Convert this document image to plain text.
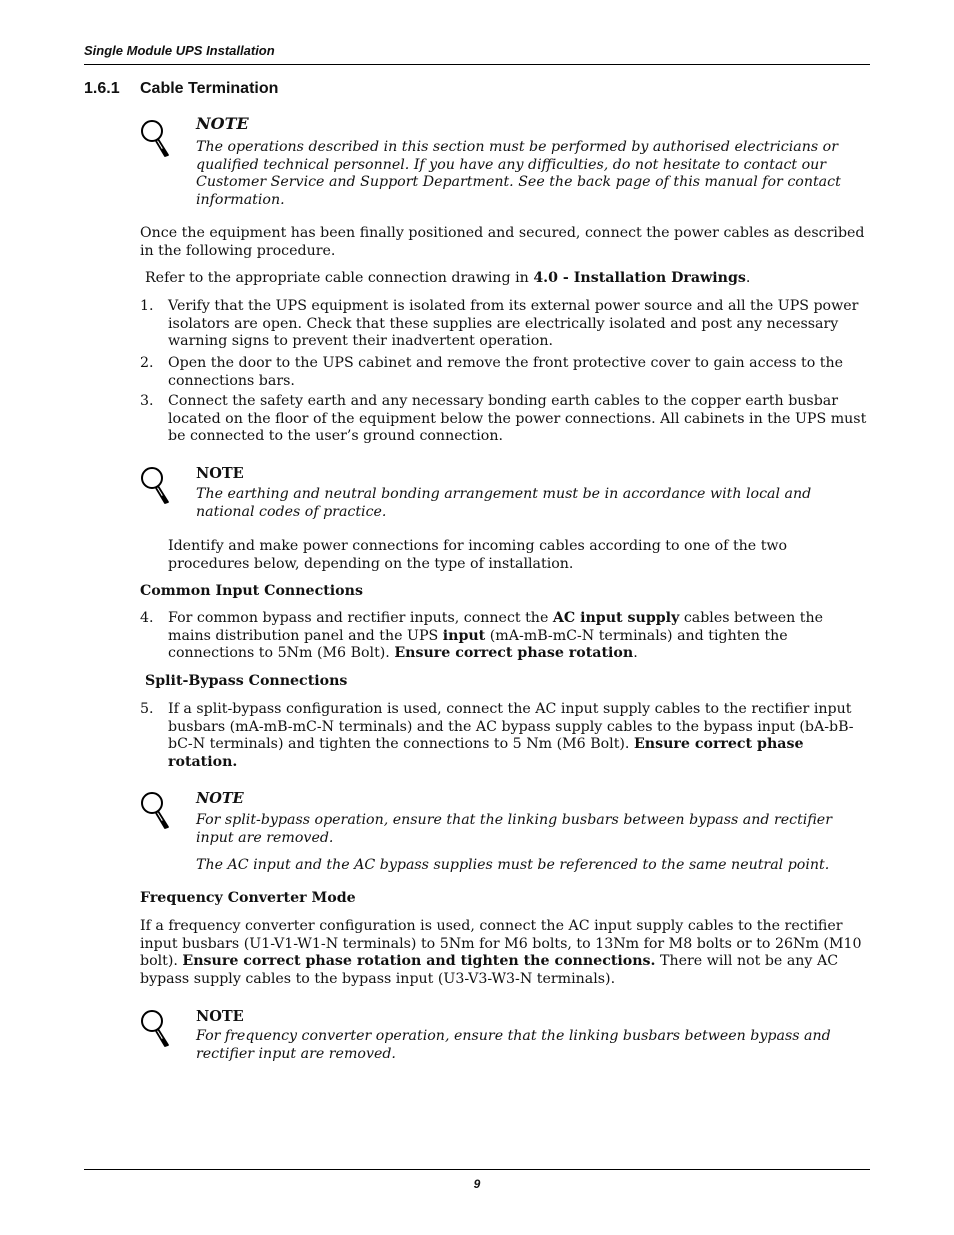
Single Module UPS Installation
1.6.1 Cable Termination
NOTE
The operations described in this section must be performed by authorised electricians or qualified technical personnel. If you have any difficulties, do not hesitate to contact our Customer Service and Support Department. See the back page of this manual for contact information.
Once the equipment has been finally positioned and secured, connect the power cables as described in the following procedure.
Refer to the appropriate cable connection drawing in 4.0 - Installation Drawings.
1. Verify that the UPS equipment is isolated from its external power source and all the UPS power isolators are open. Check that these supplies are electrically isolated and post any necessary warning signs to prevent their inadvertent operation.
2. Open the door to the UPS cabinet and remove the front protective cover to gain access to the connections bars.
3. Connect the safety earth and any necessary bonding earth cables to the copper earth busbar located on the floor of the equipment below the power connections. All cabinets in the UPS must be connected to the user’s ground connection.
NOTE
The earthing and neutral bonding arrangement must be in accordance with local and national codes of practice.
Identify and make power connections for incoming cables according to one of the two procedures below, depending on the type of installation.
Common Input Connections
4. For common bypass and rectifier inputs, connect the AC input supply cables between the mains distribution panel and the UPS input (mA-mB-mC-N terminals) and tighten the connections to 5Nm (M6 Bolt). Ensure correct phase rotation.
Split-Bypass Connections
5. If a split-bypass configuration is used, connect the AC input supply cables to the rectifier input busbars (mA-mB-mC-N terminals) and the AC bypass supply cables to the bypass input (bA-bB-bC-N terminals) and tighten the connections to 5 Nm (M6 Bolt). Ensure correct phase rotation.
NOTE
For split-bypass operation, ensure that the linking busbars between bypass and rectifier input are removed.
The AC input and the AC bypass supplies must be referenced to the same neutral point.
Frequency Converter Mode
If a frequency converter configuration is used, connect the AC input supply cables to the rectifier input busbars (U1-V1-W1-N terminals) to 5Nm for M6 bolts, to 13Nm for M8 bolts or to 26Nm (M10 bolt). Ensure correct phase rotation and tighten the connections. There will not be any AC bypass supply cables to the bypass input (U3-V3-W3-N terminals).
NOTE
For frequency converter operation, ensure that the linking busbars between bypass and rectifier input are removed.
9
